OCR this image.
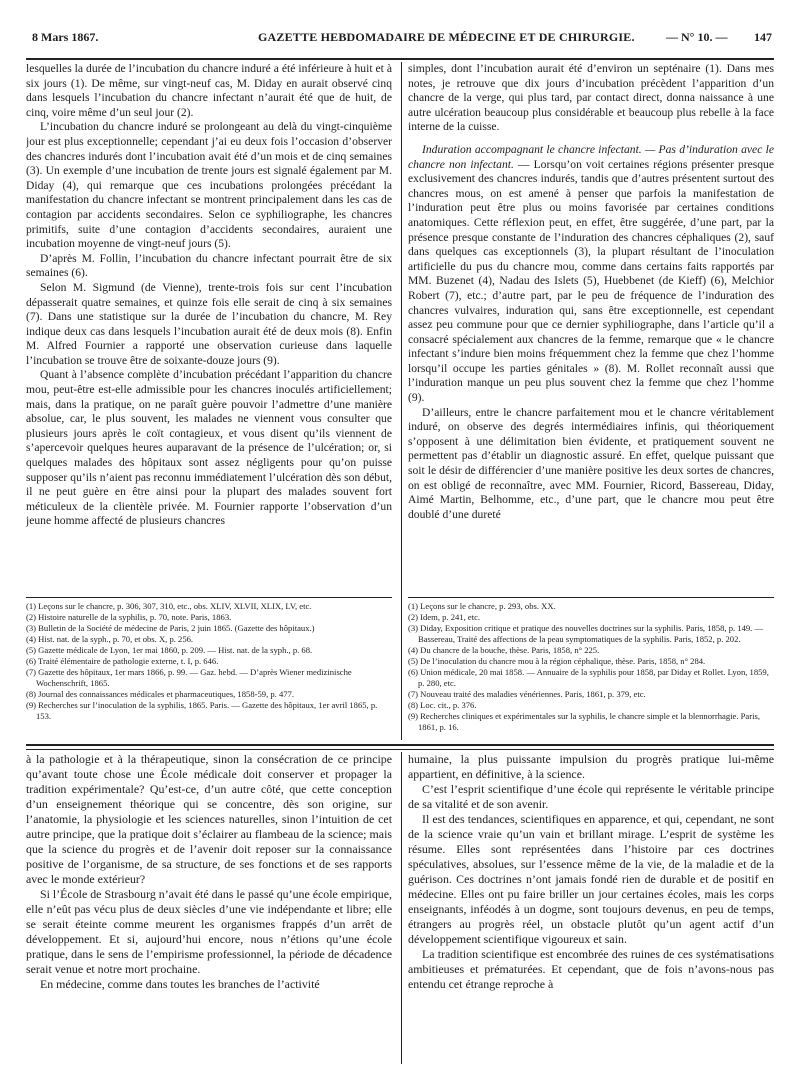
8 Mars 1867.	GAZETTE HEBDOMADAIRE DE MÉDECINE ET DE CHIRURGIE.	— N° 10. — 147

lesquelles la durée de l’incubation du chancre induré a été inférieure à huit et à six jours (1). De même, sur vingt-neuf cas, M. Diday en aurait observé cinq dans lesquels l’incubation du chancre infectant n’aurait été que de huit, de cinq, voire même d’un seul jour (2).

L’incubation du chancre induré se prolongeant au delà du vingt-cinquième jour est plus exceptionnelle; cependant j’ai eu deux fois l’occasion d’observer des chancres indurés dont l’incubation avait été d’un mois et de cinq semaines (3). Un exemple d’une incubation de trente jours est signalé également par M. Diday (4), qui remarque que ces incubations prolongées précédant la manifestation du chancre infectant se montrent principalement dans les cas de contagion par accidents secondaires. Selon ce syphiliographe, les chancres primitifs, suite d’une contagion d’accidents secondaires, auraient une incubation moyenne de vingt-neuf jours (5).

D’après M. Follin, l’incubation du chancre infectant pourrait être de six semaines (6).

Selon M. Sigmund (de Vienne), trente-trois fois sur cent l’incubation dépasserait quatre semaines, et quinze fois elle serait de cinq à six semaines (7). Dans une statistique sur la durée de l’incubation du chancre, M. Rey indique deux cas dans lesquels l’incubation aurait été de deux mois (8). Enfin M. Alfred Fournier a rapporté une observation curieuse dans laquelle l’incubation se trouve être de soixante-douze jours (9).

Quant à l’absence complète d’incubation précédant l’apparition du chancre mou, peut-être est-elle admissible pour les chancres inoculés artificiellement; mais, dans la pratique, on ne paraît guère pouvoir l’admettre d’une manière absolue, car, le plus souvent, les malades ne viennent vous consulter que plusieurs jours après le coït contagieux, et vous disent qu’ils viennent de s’apercevoir quelques heures auparavant de la présence de l’ulcération; or, si quelques malades des hôpitaux sont assez négligents pour qu’on puisse supposer qu’ils n’aient pas reconnu immédiatement l’ulcération dès son début, il ne peut guère en être ainsi pour la plupart des malades souvent fort méticuleux de la clientèle privée. M. Fournier rapporte l’observation d’un jeune homme affecté de plusieurs chancres

simples, dont l’incubation aurait été d’environ un septénaire (1). Dans mes notes, je retrouve que dix jours d’incubation précèdent l’apparition d’un chancre de la verge, qui plus tard, par contact direct, donna naissance à une autre ulcération beaucoup plus considérable et beaucoup plus rebelle à la face interne de la cuisse.

Induration accompagnant le chancre infectant. — Pas d’induration avec le chancre non infectant. — Lorsqu’on voit certaines régions présenter presque exclusivement des chancres indurés, tandis que d’autres présentent surtout des chancres mous, on est amené à penser que parfois la manifestation de l’induration peut être plus ou moins favorisée par certaines conditions anatomiques. Cette réflexion peut, en effet, être suggérée, d’une part, par la présence presque constante de l’induration des chancres céphaliques (2), sauf dans quelques cas exceptionnels (3), la plupart résultant de l’inoculation artificielle du pus du chancre mou, comme dans certains faits rapportés par MM. Buzenet (4), Nadau des Islets (5), Huebbenet (de Kieff) (6), Melchior Robert (7), etc.; d’autre part, par le peu de fréquence de l’induration des chancres vulvaires, induration qui, sans être exceptionnelle, est cependant assez peu commune pour que ce dernier syphiliographe, dans l’article qu’il a consacré spécialement aux chancres de la femme, remarque que « le chancre infectant s’indure bien moins fréquemment chez la femme que chez l’homme lorsqu’il occupe les parties génitales » (8). M. Rollet reconnaît aussi que l’induration manque un peu plus souvent chez la femme que chez l’homme (9).

D’ailleurs, entre le chancre parfaitement mou et le chancre véritablement induré, on observe des degrés intermédiaires infinis, qui théoriquement s’opposent à une délimitation bien évidente, et pratiquement souvent ne permettent pas d’établir un diagnostic assuré. En effet, quelque puissant que soit le désir de différencier d’une manière positive les deux sortes de chancres, on est obligé de reconnaître, avec MM. Fournier, Ricord, Bassereau, Diday, Aimé Martin, Belhomme, etc., d’une part, que le chancre mou peut être doublé d’une dureté

(1) Leçons sur le chancre, p. 306, 307, 310, etc., obs. XLIV, XLVII, XLIX, LV, etc.
(2) Histoire naturelle de la syphilis, p. 70, note. Paris, 1863.
(3) Bulletin de la Société de médecine de Paris, 2 juin 1865. (Gazette des hôpitaux.)
(4) Hist. nat. de la syph., p. 70, et obs. X, p. 256.
(5) Gazette médicale de Lyon, 1er mai 1860, p. 209. — Hist. nat. de la syph., p. 68.
(6) Traité élémentaire de pathologie externe, t. I, p. 646.
(7) Gazette des hôpitaux, 1er mars 1866, p. 99. — Gaz. hebd. — D’après Wiener medizinische Wochenschrift, 1865.
(8) Journal des connaissances médicales et pharmaceutiques, 1858-59, p. 477.
(9) Recherches sur l’inoculation de la syphilis, 1865. Paris. — Gazette des hôpitaux, 1er avril 1865, p. 153.
(1) Leçons sur le chancre, p. 293, obs. XX.
(2) Idem, p. 241, etc.
(3) Diday, Exposition critique et pratique des nouvelles doctrines sur la syphilis. Paris, 1858, p. 149. — Bassereau, Traité des affections de la peau symptomatiques de la syphilis. Paris, 1852, p. 202.
(4) Du chancre de la bouche, thèse. Paris, 1858, n° 225.
(5) De l’inoculation du chancre mou à la région céphalique, thèse. Paris, 1858, n° 284.
(6) Union médicale, 20 mai 1858. — Annuaire de la syphilis pour 1858, par Diday et Rollet. Lyon, 1859, p. 280, etc.
(7) Nouveau traité des maladies vénériennes. Paris, 1861, p. 379, etc.
(8) Loc. cit., p. 376.
(9) Recherches cliniques et expérimentales sur la syphilis, le chancre simple et la blennorrhagie. Paris, 1861, p. 16.

à la pathologie et à la thérapeutique, sinon la consécration de ce principe qu’avant toute chose une École médicale doit conserver et propager la tradition expérimentale? Qu’est-ce, d’un autre côté, que cette conception d’un enseignement théorique qui se concentre, dès son origine, sur l’anatomie, la physiologie et les sciences naturelles, sinon l’intuition de cet autre principe, que la pratique doit s’éclairer au flambeau de la science; mais que la science du progrès et de l’avenir doit reposer sur la connaissance positive de l’organisme, de sa structure, de ses fonctions et de ses rapports avec le monde extérieur?

Si l’École de Strasbourg n’avait été dans le passé qu’une école empirique, elle n’eût pas vécu plus de deux siècles d’une vie indépendante et libre; elle se serait éteinte comme meurent les organismes frappés d’un arrêt de développement. Et si, aujourd’hui encore, nous n’étions qu’une école pratique, dans le sens de l’empirisme professionnel, la période de décadence serait venue et notre mort prochaine.

En médecine, comme dans toutes les branches de l’activité

humaine, la plus puissante impulsion du progrès pratique lui-même appartient, en définitive, à la science.

C’est l’esprit scientifique d’une école qui représente le véritable principe de sa vitalité et de son avenir.

Il est des tendances, scientifiques en apparence, et qui, cependant, ne sont de la science vraie qu’un vain et brillant mirage. L’esprit de système les résume. Elles sont représentées dans l’histoire par ces doctrines spéculatives, absolues, sur l’essence même de la vie, de la maladie et de la guérison. Ces doctrines n’ont jamais fondé rien de durable et de positif en médecine. Elles ont pu faire briller un jour certaines écoles, mais les corps enseignants, inféodés à un dogme, sont toujours devenus, en peu de temps, étrangers au progrès réel, un obstacle plutôt qu’un agent actif d’un développement scientifique vigoureux et sain.

La tradition scientifique est encombrée des ruines de ces systématisations ambitieuses et prématurées. Et cependant, que de fois n’avons-nous pas entendu cet étrange reproche à
